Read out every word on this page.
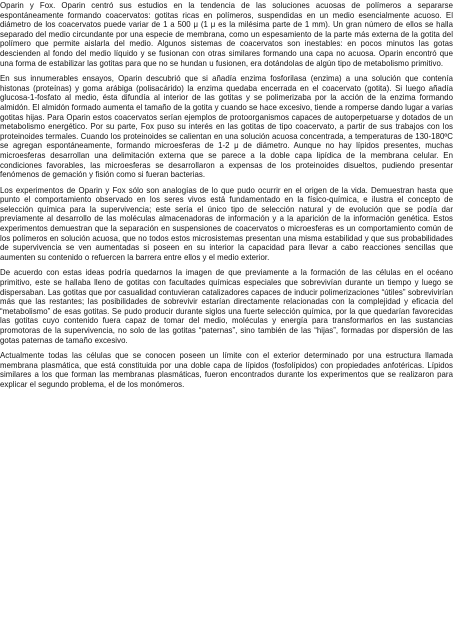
Oparin y Fox. Oparin centró sus estudios en la tendencia de las soluciones acuosas de polímeros a separarse espontáneamente formando coacervatos: gotitas ricas en polímeros, suspendidas en un medio esencialmente acuoso. El diámetro de los coacervatos puede variar de 1 a 500 μ (1 μ es la milésima parte de 1 mm). Un gran número de ellos se halla separado del medio circundante por una especie de membrana, como un espesamiento de la parte más externa de la gotita del polímero que permite aislarla del medio. Algunos sistemas de coacervatos son inestables: en pocos minutos las gotas descienden al fondo del medio líquido y se fusionan con otras similares formando una capa no acuosa. Oparin encontró que una forma de estabilizar las gotitas para que no se hundan u fusionen, era dotándolas de algún tipo de metabolismo primitivo.

En sus innumerables ensayos, Oparin descubrió que si añadía enzima fosforilasa (enzima) a una solución que contenía histonas (proteínas) y goma arábiga (polisacárido) la enzima quedaba encerrada en el coacervato (gotita). Si luego añadía glucosa-1-fosfato al medio, ésta difundía al interior de las gotitas y se polimerizaba por la acción de la enzima formando almidón. El almidón formado aumenta el tamaño de la gotita y cuando se hace excesivo, tiende a romperse dando lugar a varias gotitas hijas. Para Oparin estos coacervatos serían ejemplos de protoorganismos capaces de autoperpetuarse y dotados de un metabolismo energético. Por su parte, Fox puso su interés en las gotitas de tipo coacervato, a partir de sus trabajos con los proteinoides termales. Cuando los proteinoides se calientan en una solución acuosa concentrada, a temperaturas de 130-180ºC se agregan espontáneamente, formando microesferas de 1-2 μ de diámetro. Aunque no hay lípidos presentes, muchas microesferas desarrollan una delimitación externa que se parece a la doble capa lipídica de la membrana celular. En condiciones favorables, las microesferas se desarrollaron a expensas de los proteinoides disueltos, pudiendo presentar fenómenos de gemación y fisión como si fueran bacterias.

Los experimentos de Oparin y Fox sólo son analogías de lo que pudo ocurrir en el origen de la vida. Demuestran hasta que punto el comportamiento observado en los seres vivos está fundamentado en la físico-química, e ilustra el concepto de selección química para la supervivencia; este sería el único tipo de selección natural y de evolución que se podía dar previamente al desarrollo de las moléculas almacenadoras de información y a la aparición de la información genética. Estos experimentos demuestran que la separación en suspensiones de coacervatos o microesferas es un comportamiento común de los polímeros en solución acuosa, que no todos estos microsistemas presentan una misma estabilidad y que sus probabilidades de supervivencia se ven aumentadas si poseen en su interior la capacidad para llevar a cabo reacciones sencillas que aumenten su contenido o refuercen la barrera entre ellos y el medio exterior.

De acuerdo con estas ideas podría quedarnos la imagen de que previamente a la formación de las células en el océano primitivo, este se hallaba lleno de gotitas con facultades químicas especiales que sobrevivían durante un tiempo y luego se dispersaban. Las gotitas que por casualidad contuvieran catalizadores capaces de inducir polimerizaciones “útiles” sobrevivirían más que las restantes; las posibilidades de sobrevivir estarían directamente relacionadas con la complejidad y eficacia del “metabolismo” de esas gotitas. Se pudo producir durante siglos una fuerte selección química, por la que quedarían favorecidas las gotitas cuyo contenido fuera capaz de tomar del medio, moléculas y energía para transformarlos en las sustancias promotoras de la supervivencia, no solo de las gotitas “paternas”, sino también de las “hijas”, formadas por dispersión de las gotas paternas de tamaño excesivo.

Actualmente todas las células que se conocen poseen un límite con el exterior determinado por una estructura llamada membrana plasmática, que está constituida por una doble capa de lípidos (fosfolípidos) con propiedades anfotéricas. Lípidos similares a los que forman las membranas plasmáticas, fueron encontrados durante los experimentos que se realizaron para explicar el segundo problema, el de los monómeros.
